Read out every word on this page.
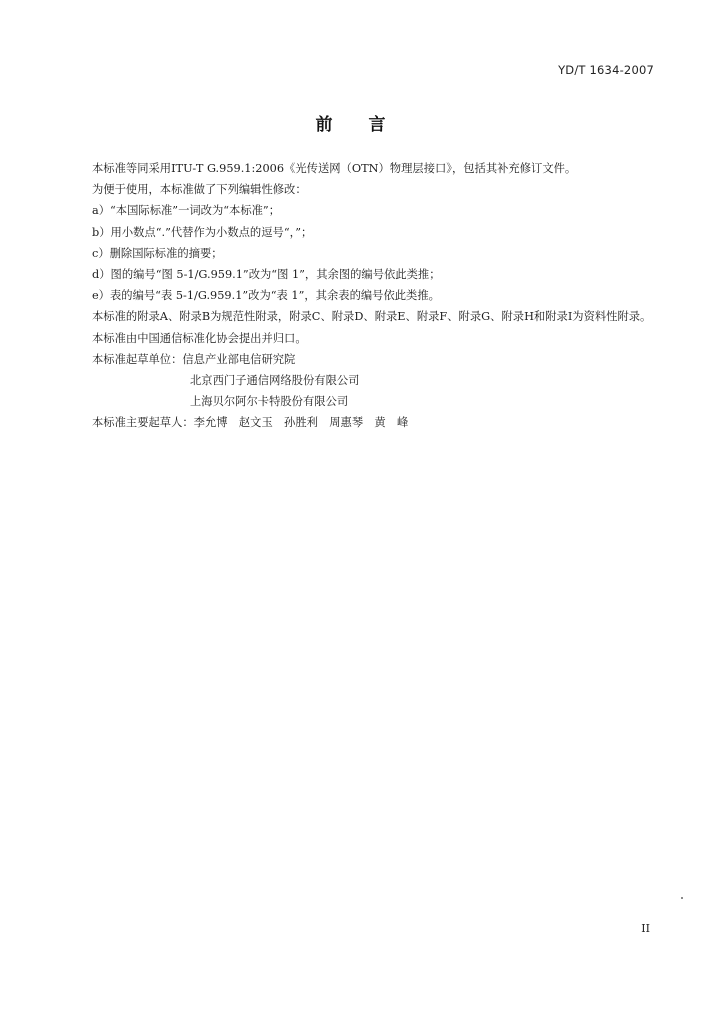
YD/T 1634-2007
前言

本标准等同采用ITU-T G.959.1:2006《光传送网（OTN）物理层接口》，包括其补充修订文件。

为便于使用，本标准做了下列编辑性修改：

a）“本国际标准”一词改为“本标准”；

b）用小数点“.”代替作为小数点的逗号“，”；

c）删除国际标准的摘要；

d）图的编号“图 5-1/G.959.1”改为“图 1”，其余图的编号依此类推；

e）表的编号“表 5-1/G.959.1”改为“表 1”，其余表的编号依此类推。

本标准的附录A、附录B为规范性附录，附录C、附录D、附录E、附录F、附录G、附录H和附录I为资料性附录。

本标准由中国通信标准化协会提出并归口。

本标准起草单位：信息产业部电信研究院

北京西门子通信网络股份有限公司

上海贝尔阿尔卡特股份有限公司

本标准主要起草人：李允博　赵文玉　孙胜利　周惠琴　黄　峰

II
